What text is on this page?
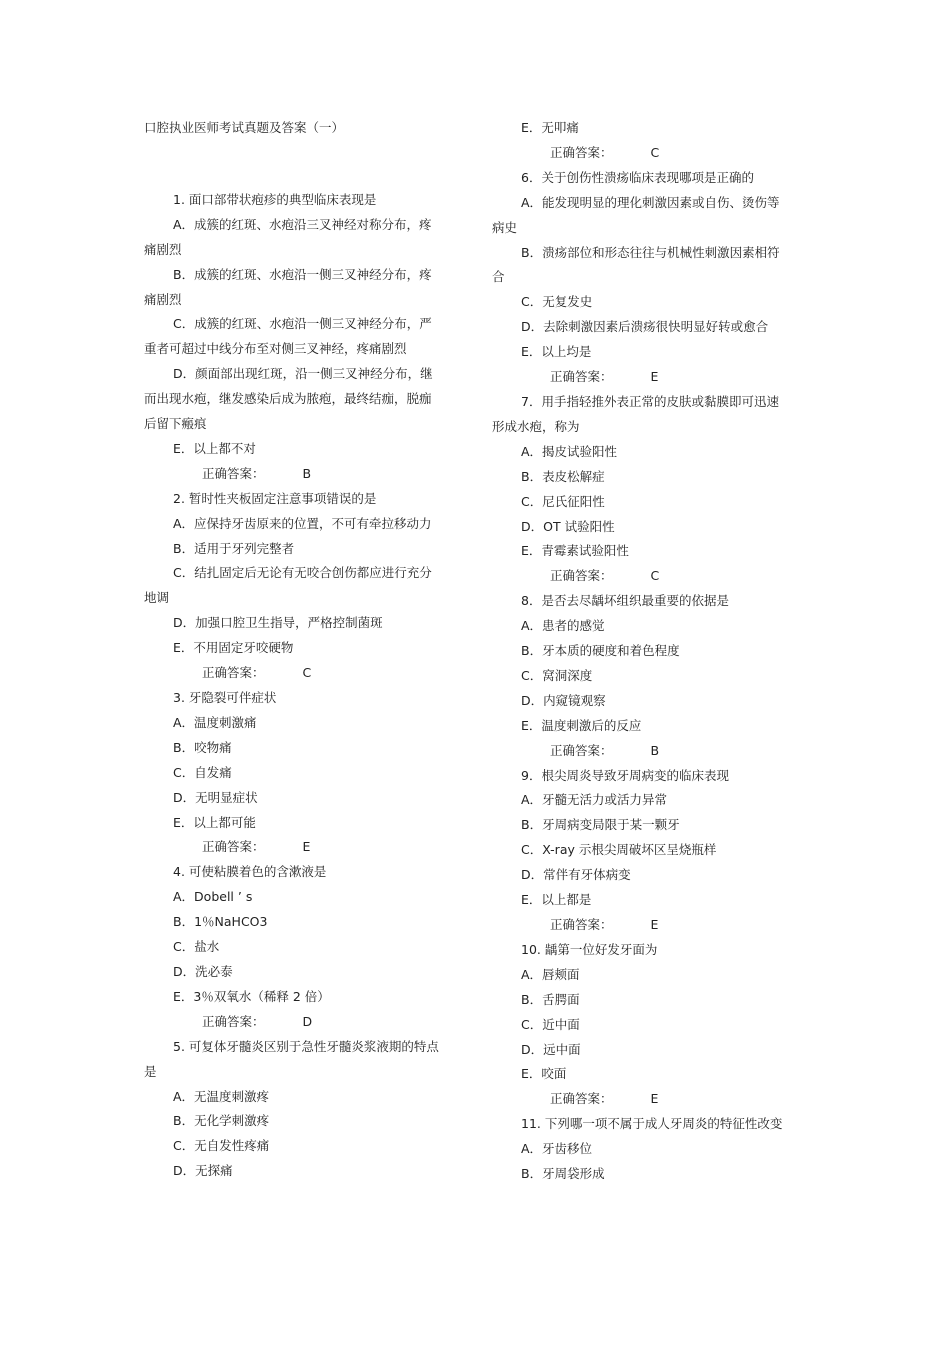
口腔执业医师考试真题及答案（一）

1. 面口部带状疱疹的典型临床表现是

A．成簇的红斑、水疱沿三叉神经对称分布，疼痛剧烈

B．成簇的红斑、水疱沿一侧三叉神经分布，疼痛剧烈

C．成簇的红斑、水疱沿一侧三叉神经分布，严重者可超过中线分布至对侧三叉神经，疼痛剧烈

D．颜面部出现红斑，沿一侧三叉神经分布，继而出现水疱，继发感染后成为脓疱，最终结痂，脱痂后留下瘢痕

E．以上都不对

正确答案：	B

2. 暂时性夹板固定注意事项错误的是

A．应保持牙齿原来的位置，不可有牵拉移动力

B．适用于牙列完整者

C．结扎固定后无论有无咬合创伤都应进行充分地调

D．加强口腔卫生指导，严格控制菌斑

E．不用固定牙咬硬物

正确答案：	C

3. 牙隐裂可伴症状

A．温度刺激痛

B．咬物痛

C．自发痛

D．无明显症状

E．以上都可能

正确答案：	E

4. 可使粘膜着色的含漱液是

A．Dobell ’ s

B．1％NaHCO3

C．盐水

D．洗必泰

E．3％双氧水（稀释 2 倍）

正确答案：	D

5. 可复体牙髓炎区别于急性牙髓炎浆液期的特点是

A．无温度刺激疼

B．无化学刺激疼

C．无自发性疼痛

D．无探痛

E．无叩痛

正确答案：	C

6．关于创伤性溃疡临床表现哪项是正确的

A．能发现明显的理化刺激因素或自伤、烫伤等病史

B．溃疡部位和形态往往与机械性刺激因素相符合

C．无复发史

D．去除刺激因素后溃疡很快明显好转或愈合

E．以上均是

正确答案：	E

7．用手指轻推外表正常的皮肤或黏膜即可迅速形成水疱，称为

A．揭皮试验阳性

B．表皮松解症

C．尼氏征阳性

D．OT 试验阳性

E．青霉素试验阳性

正确答案：	C

8．是否去尽龋坏组织最重要的依据是

A．患者的感觉

B．牙本质的硬度和着色程度

C．窝洞深度

D．内窥镜观察

E．温度刺激后的反应

正确答案：	B

9．根尖周炎导致牙周病变的临床表现

A．牙髓无活力或活力异常

B．牙周病变局限于某一颗牙

C．X-ray 示根尖周破坏区呈烧瓶样

D．常伴有牙体病变

E．以上都是

正确答案：	E

10. 龋第一位好发牙面为

A．唇颊面

B．舌腭面

C．近中面

D．远中面

E．咬面

正确答案：	E

11. 下列哪一项不属于成人牙周炎的特征性改变

A．牙齿移位

B．牙周袋形成
